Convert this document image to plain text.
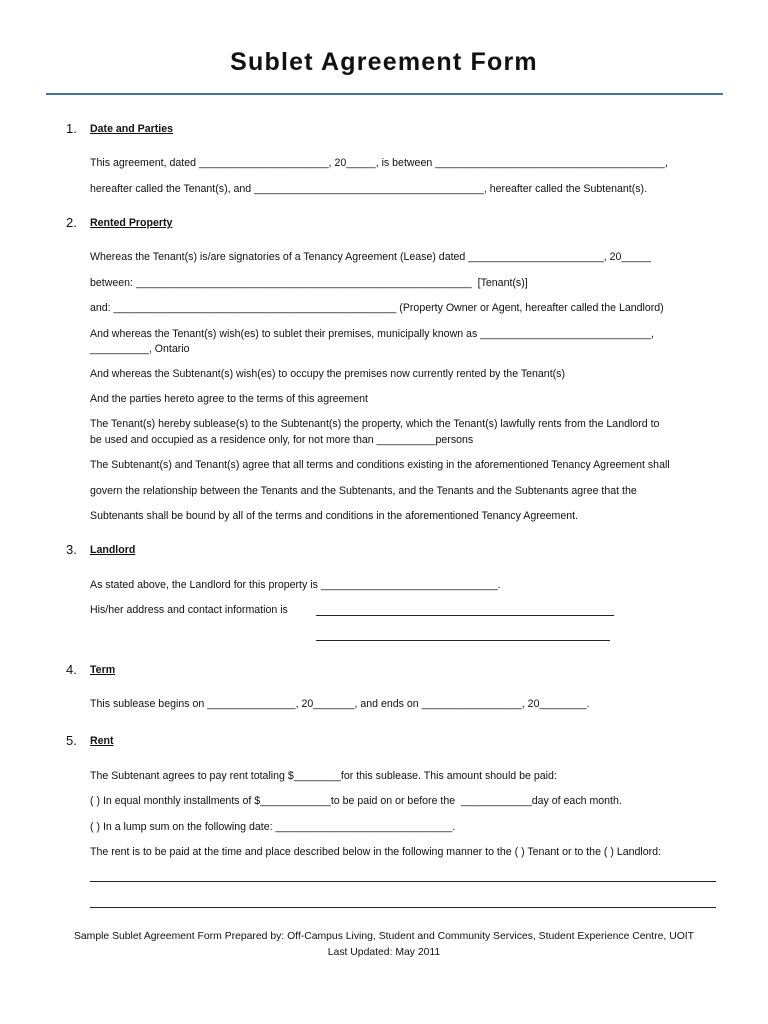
Sublet Agreement Form
1. Date and Parties
This agreement, dated ______________________, 20_____, is between _______________________________________,
hereafter called the Tenant(s), and _______________________________________, hereafter called the Subtenant(s).
2. Rented Property
Whereas the Tenant(s) is/are signatories of a Tenancy Agreement (Lease) dated _______________________, 20_____
between: _________________________________________________________  [Tenant(s)]
and: ________________________________________________ (Property Owner or Agent, hereafter called the Landlord)
And whereas the Tenant(s) wish(es) to sublet their premises, municipally known as _____________________________,
__________, Ontario
And whereas the Subtenant(s) wish(es) to occupy the premises now currently rented by the Tenant(s)
And the parties hereto agree to the terms of this agreement
The Tenant(s) hereby sublease(s) to the Subtenant(s) the property, which the Tenant(s) lawfully rents from the Landlord to
be used and occupied as a residence only, for not more than __________persons
The Subtenant(s) and Tenant(s) agree that all terms and conditions existing in the aforementioned Tenancy Agreement shall
govern the relationship between the Tenants and the Subtenants, and the Tenants and the Subtenants agree that the
Subtenants shall be bound by all of the terms and conditions in the aforementioned Tenancy Agreement.
3. Landlord
As stated above, the Landlord for this property is ______________________________.
His/her address and contact information is
4. Term
This sublease begins on _______________, 20_______, and ends on _________________, 20________.
5. Rent
The Subtenant agrees to pay rent totaling $________for this sublease. This amount should be paid:
( ) In equal monthly installments of $____________to be paid on or before the  ____________day of each month.
( ) In a lump sum on the following date: ______________________________.
The rent is to be paid at the time and place described below in the following manner to the ( ) Tenant or to the ( ) Landlord:
Sample Sublet Agreement Form Prepared by: Off-Campus Living, Student and Community Services, Student Experience Centre, UOIT
Last Updated: May 2011
